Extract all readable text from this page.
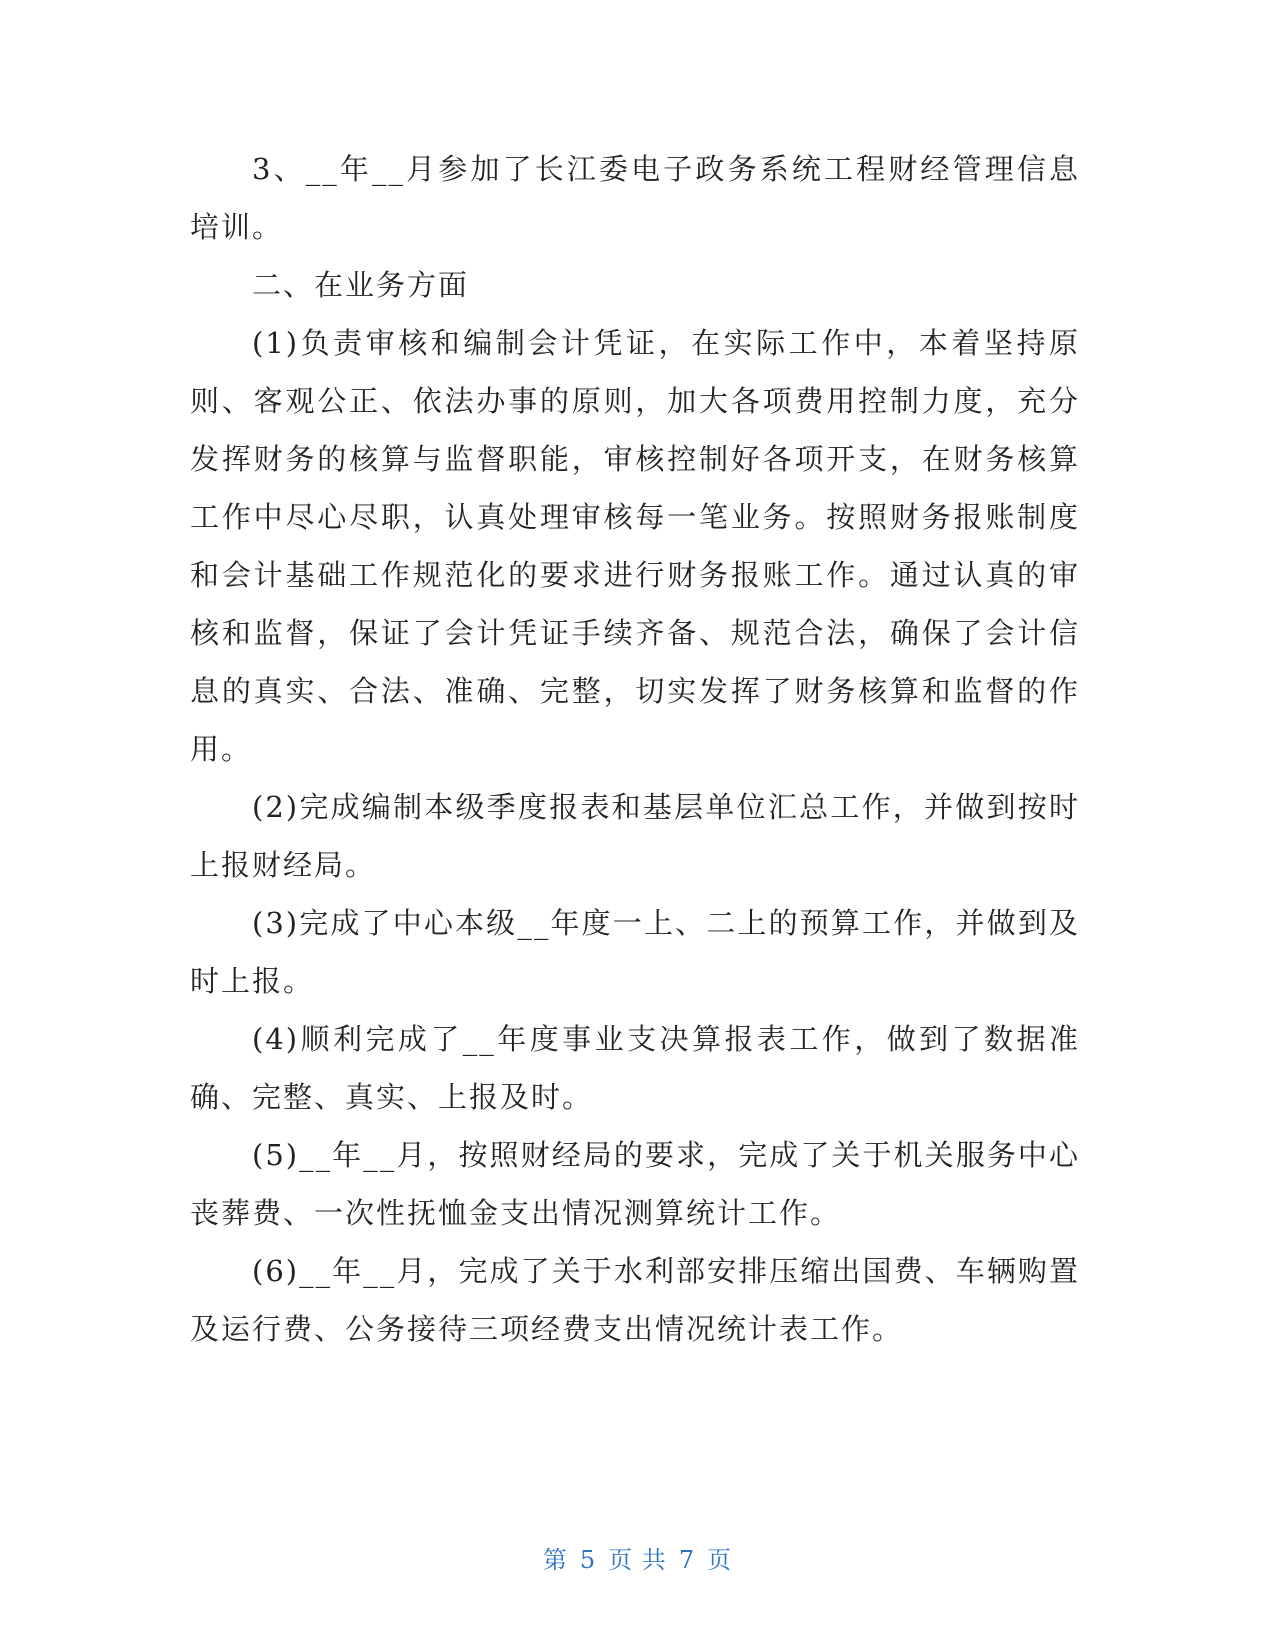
3、__年__月参加了长江委电子政务系统工程财经管理信息培训。

二、在业务方面

(1)负责审核和编制会计凭证，在实际工作中，本着坚持原则、客观公正、依法办事的原则，加大各项费用控制力度，充分发挥财务的核算与监督职能，审核控制好各项开支，在财务核算工作中尽心尽职，认真处理审核每一笔业务。按照财务报账制度和会计基础工作规范化的要求进行财务报账工作。通过认真的审核和监督，保证了会计凭证手续齐备、规范合法，确保了会计信息的真实、合法、准确、完整，切实发挥了财务核算和监督的作用。

(2)完成编制本级季度报表和基层单位汇总工作，并做到按时上报财经局。

(3)完成了中心本级__年度一上、二上的预算工作，并做到及时上报。

(4)顺利完成了__年度事业支决算报表工作，做到了数据准确、完整、真实、上报及时。

(5)__年__月，按照财经局的要求，完成了关于机关服务中心丧葬费、一次性抚恤金支出情况测算统计工作。

(6)__年__月，完成了关于水利部安排压缩出国费、车辆购置及运行费、公务接待三项经费支出情况统计表工作。

第 5 页 共 7 页
